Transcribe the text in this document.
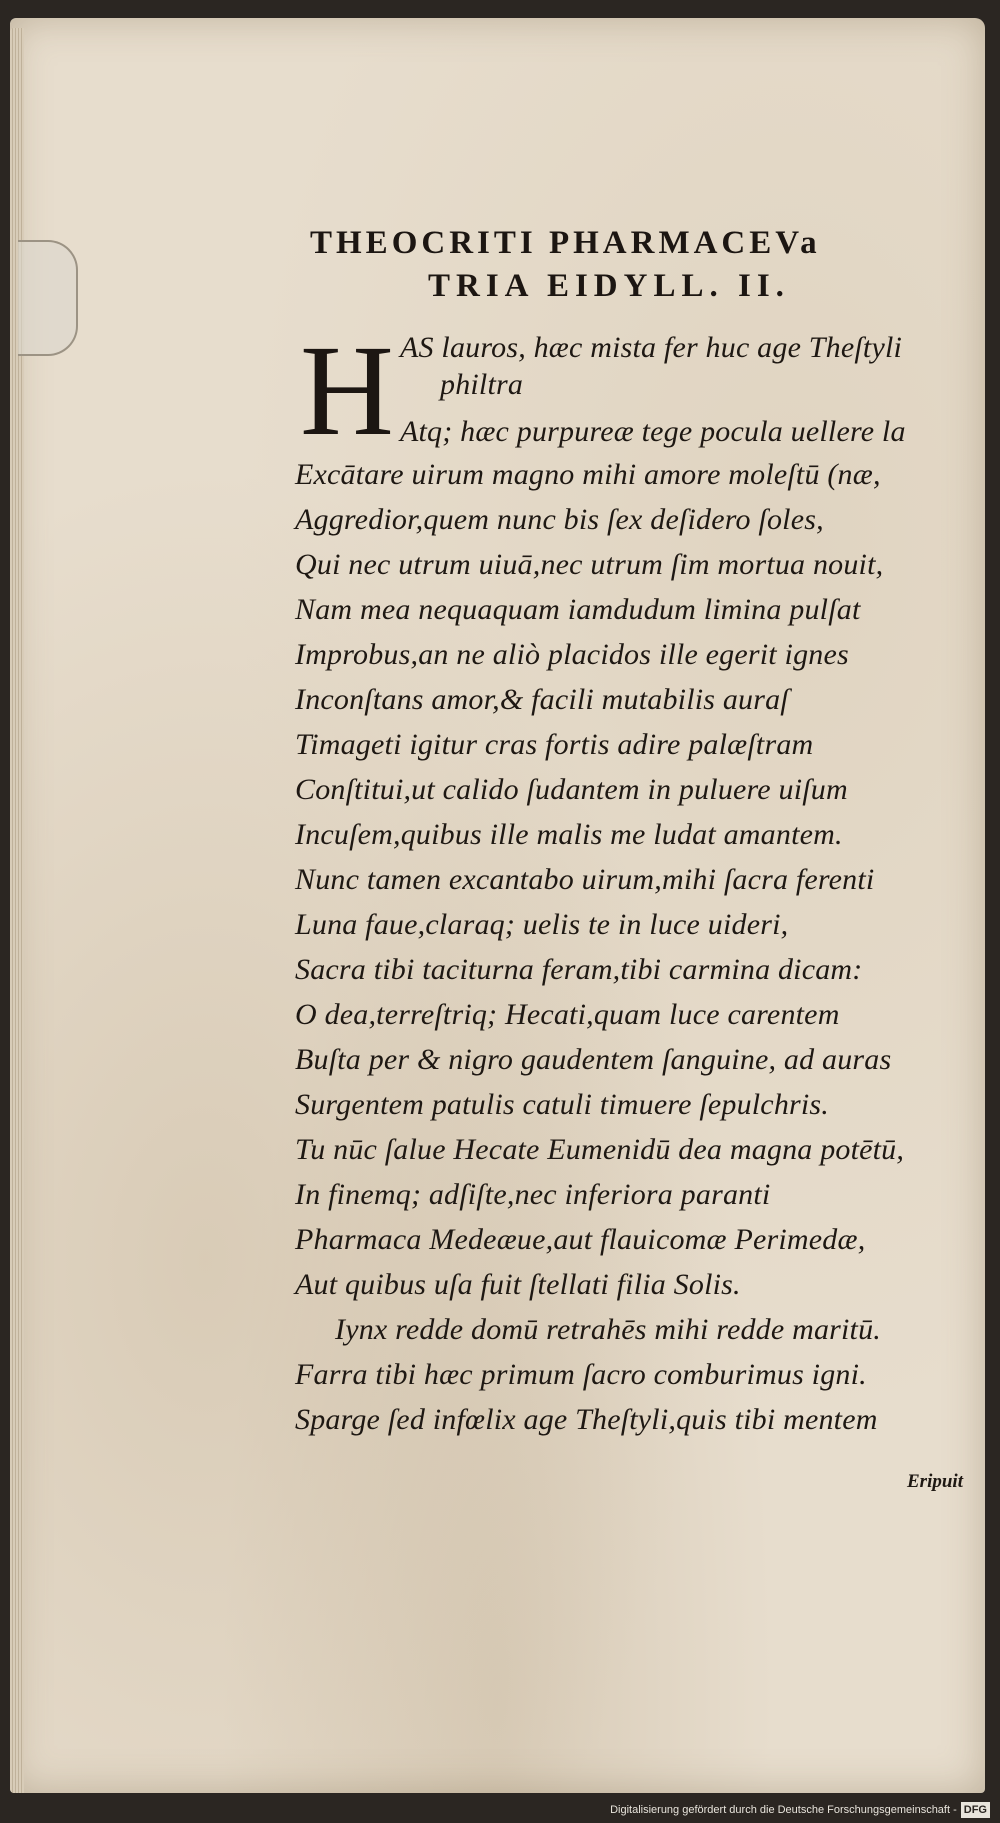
THEOCRITI PHARMACEVa
TRIA EIDYLL. II.
H AS lauros, hæc mista fer huc age Theſtyli
philtra
Atq; hæc purpureæ tege pocula uellere la
Excātare uirum magno mihi amore moleſtū (næ,
Aggredior,quem nunc bis ſex deſidero ſoles,
Qui nec utrum uiuā,nec utrum ſim mortua nouit,
Nam mea nequaquam iamdudum limina pulſat
Improbus,an ne aliò placidos ille egerit ignes
Inconſtans amor,& facili mutabilis auraſ
Timageti igitur cras fortis adire palæſtram
Conſtitui,ut calido ſudantem in puluere uiſum
Incuſem,quibus ille malis me ludat amantem.
Nunc tamen excantabo uirum,mihi ſacra ferenti
Luna faue,claraq; uelis te in luce uideri,
Sacra tibi taciturna feram,tibi carmina dicam:
O dea,terreſtriq; Hecati,quam luce carentem
Buſta per & nigro gaudentem ſanguine, ad auras
Surgentem patulis catuli timuere ſepulchris.
Tu nūc ſalue Hecate Eumenidū dea magna potētū,
In finemq; adſiſte,nec inferiora paranti
Pharmaca Medeæue,aut flauicomæ Perimedæ,
Aut quibus uſa fuit ſtellati filia Solis.
Iynx redde domū retrahēs mihi redde maritū.
Farra tibi hæc primum ſacro comburimus igni.
Sparge ſed infœlix age Theſtyli,quis tibi mentem
Eripuit
Digitalisierung gefördert durch die Deutsche Forschungsgemeinschaft - DFG
